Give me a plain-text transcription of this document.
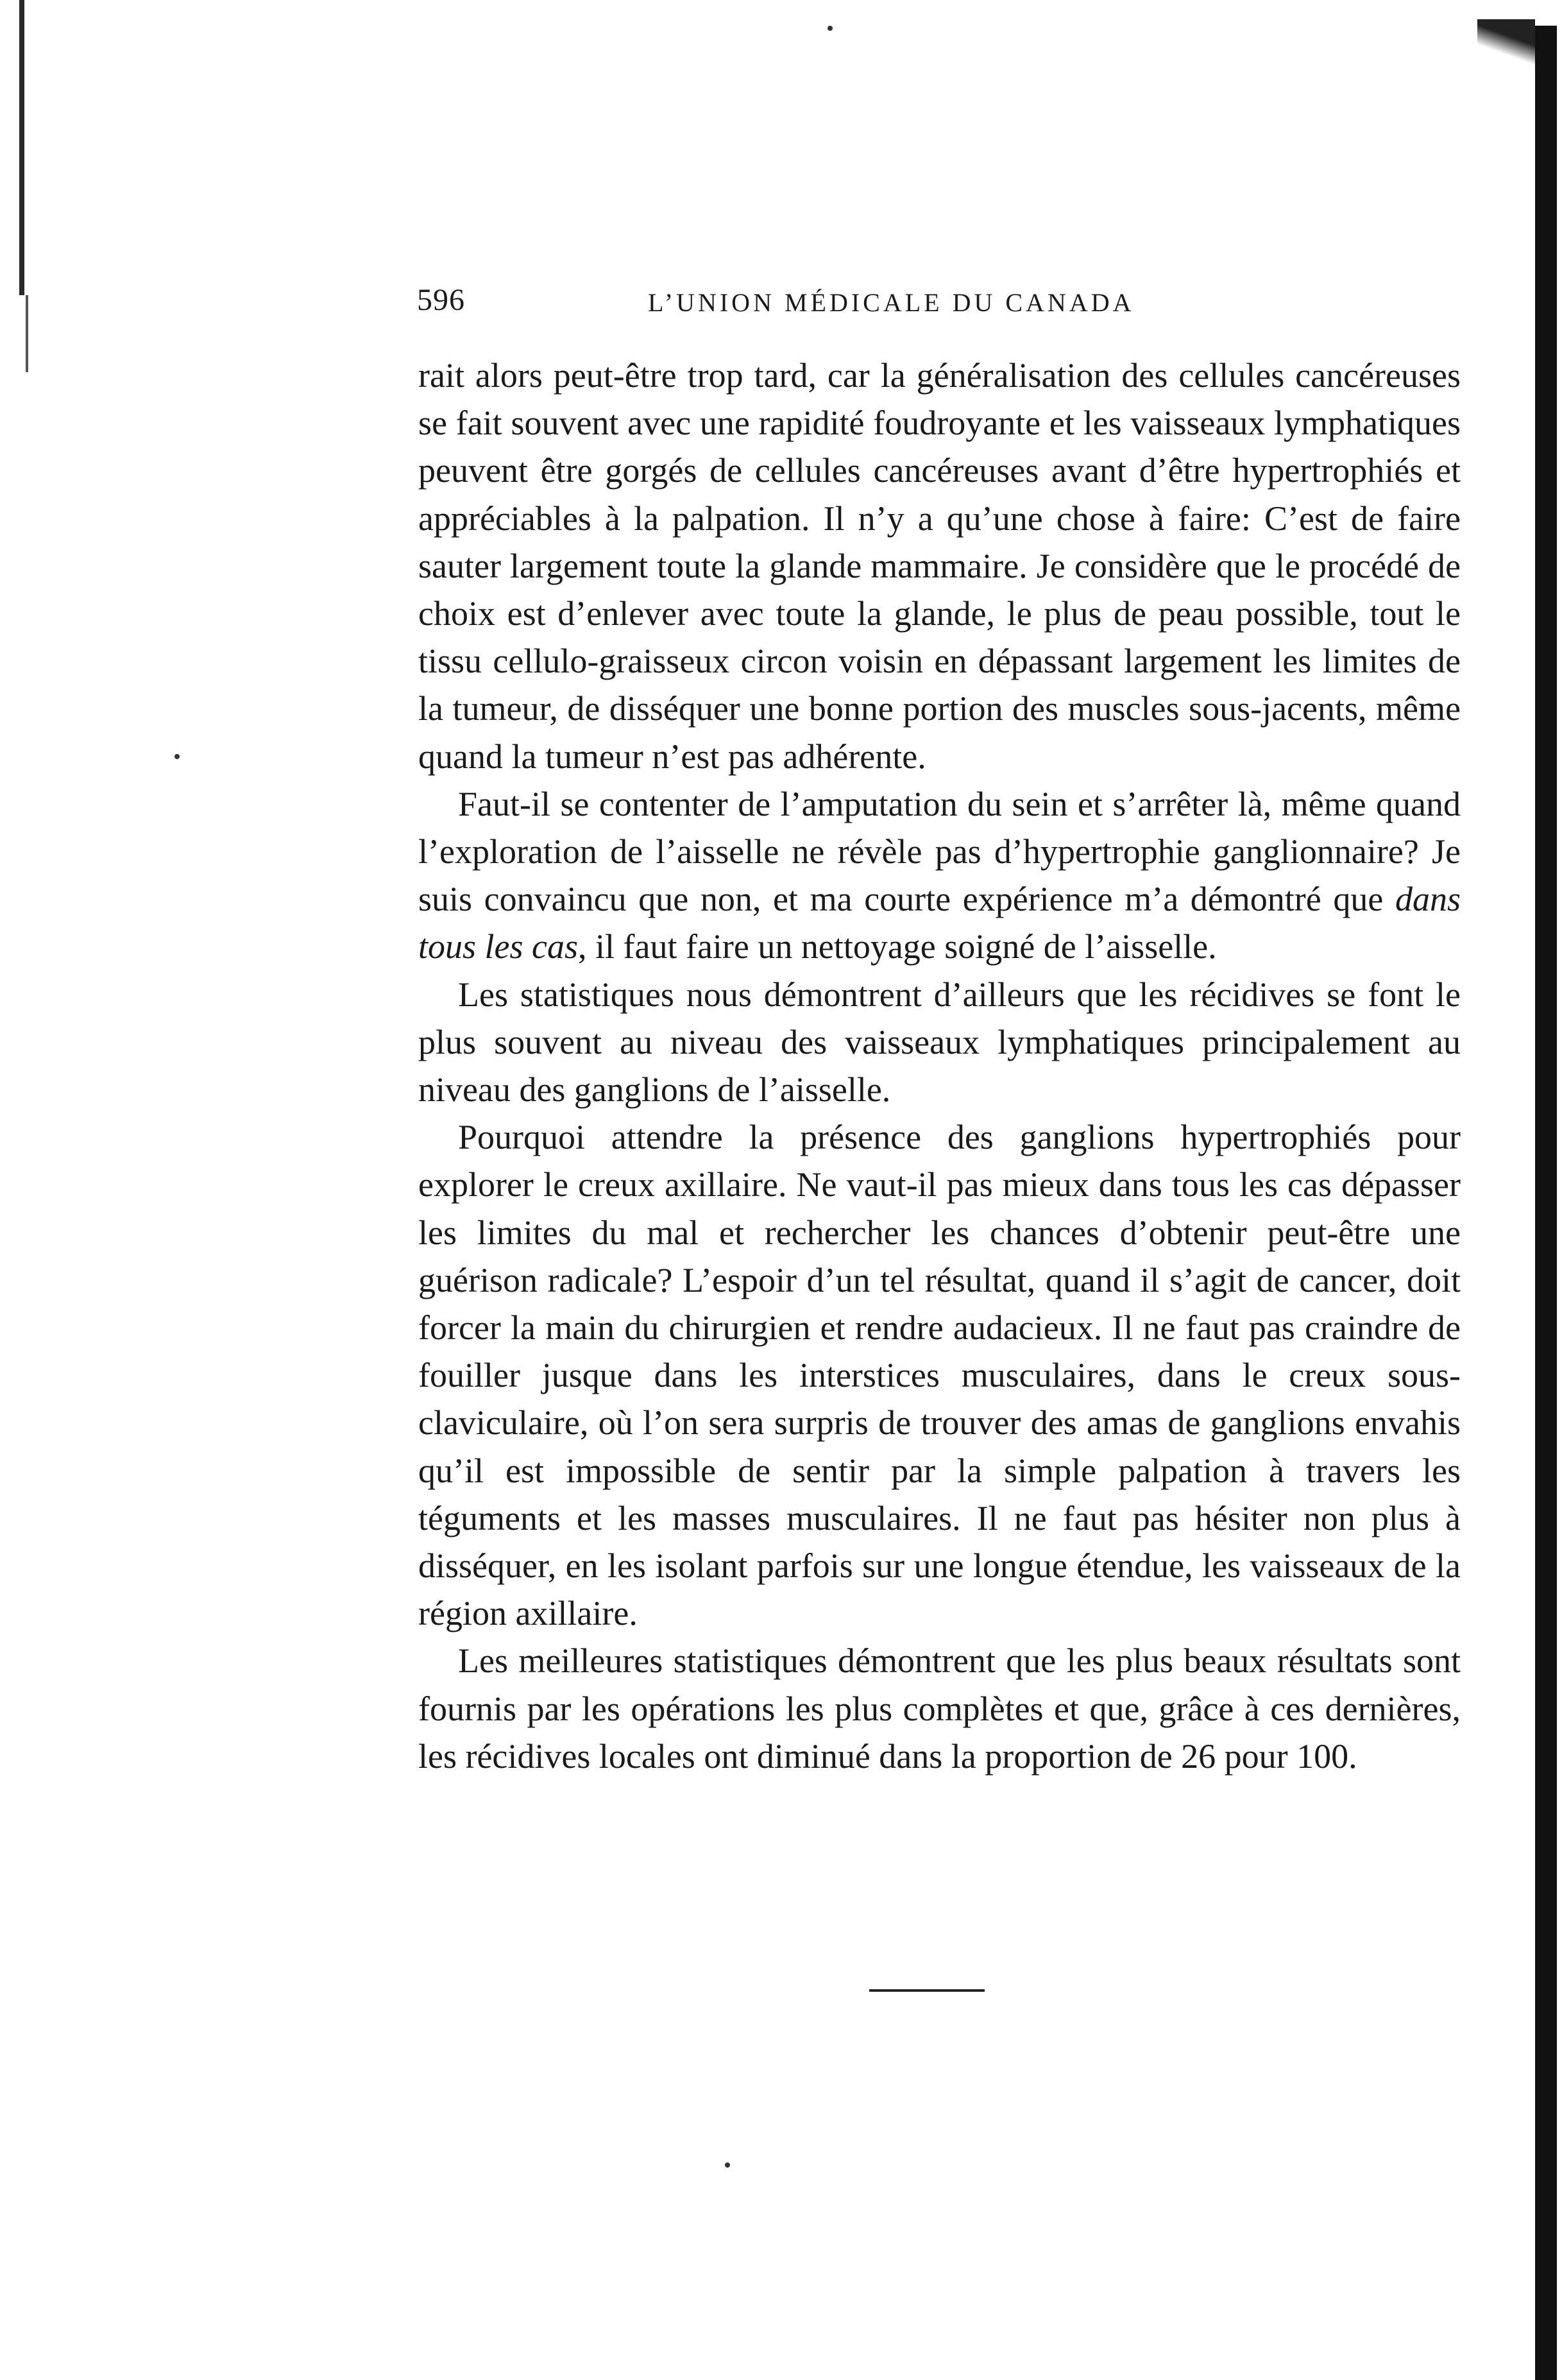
596	L’UNION MÉDICALE DU CANADA

rait alors peut-être trop tard, car la généralisation des cellules cancéreuses se fait souvent avec une rapidité foudroyante et les vaisseaux lymphatiques peuvent être gorgés de cellules cancéreuses avant d’être hypertrophiés et appréciables à la palpation. Il n’y a qu’une chose à faire: C’est de faire sauter largement toute la glande mammaire. Je considère que le procédé de choix est d’enlever avec toute la glande, le plus de peau possible, tout le tissu cellulo-graisseux circon voisin en dépassant largement les limites de la tumeur, de disséquer une bonne portion des muscles sous-jacents, même quand la tumeur n’est pas adhérente.

Faut-il se contenter de l’amputation du sein et s’arrêter là, même quand l’exploration de l’aisselle ne révèle pas d’hypertrophie ganglionnaire? Je suis convaincu que non, et ma courte expérience m’a démontré que dans tous les cas, il faut faire un nettoyage soigné de l’aisselle.

Les statistiques nous démontrent d’ailleurs que les récidives se font le plus souvent au niveau des vaisseaux lymphatiques principalement au niveau des ganglions de l’aisselle.

Pourquoi attendre la présence des ganglions hypertrophiés pour explorer le creux axillaire. Ne vaut-il pas mieux dans tous les cas dépasser les limites du mal et rechercher les chances d’obtenir peut-être une guérison radicale? L’espoir d’un tel résultat, quand il s’agit de cancer, doit forcer la main du chirurgien et rendre audacieux. Il ne faut pas craindre de fouiller jusque dans les interstices musculaires, dans le creux sous-claviculaire, où l’on sera surpris de trouver des amas de ganglions envahis qu’il est impossible de sentir par la simple palpation à travers les téguments et les masses musculaires. Il ne faut pas hésiter non plus à disséquer, en les isolant parfois sur une longue étendue, les vaisseaux de la région axillaire.

Les meilleures statistiques démontrent que les plus beaux résultats sont fournis par les opérations les plus complètes et que, grâce à ces dernières, les récidives locales ont diminué dans la proportion de 26 pour 100.
